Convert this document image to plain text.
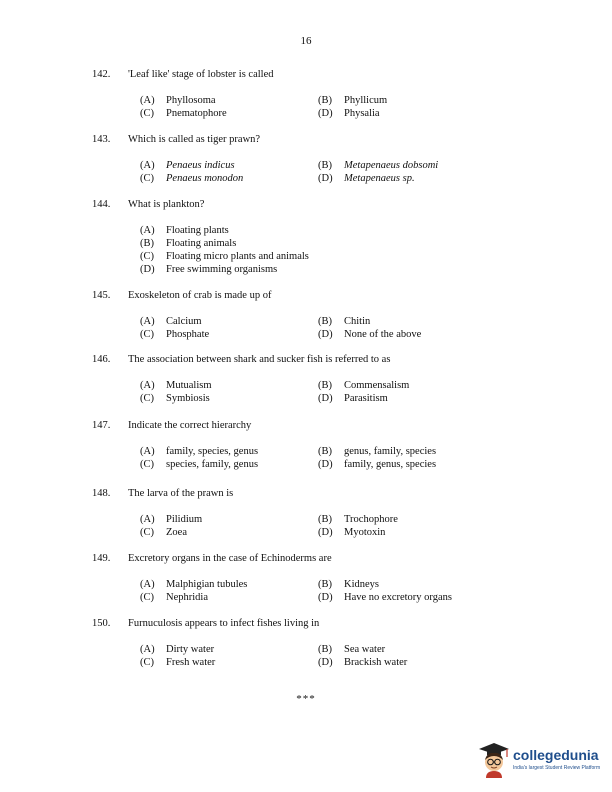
16
142. 'Leaf like' stage of lobster is called
(A) Phyllosoma	(B) Phyllicum
(C) Pnematophore	(D) Physalia
143. Which is called as tiger prawn?
(A) Penaeus indicus	(B) Metapenaeus dobsomi
(C) Penaeus monodon	(D) Metapenaeus sp.
144. What is plankton?
(A) Floating plants
(B) Floating animals
(C) Floating micro plants and animals
(D) Free swimming organisms
145. Exoskeleton of crab is made up of
(A) Calcium	(B) Chitin
(C) Phosphate	(D) None of the above
146. The association between shark and sucker fish is referred to as
(A) Mutualism	(B) Commensalism
(C) Symbiosis	(D) Parasitism
147. Indicate the correct hierarchy
(A) family, species, genus	(B) genus, family, species
(C) species, family, genus	(D) family, genus, species
148. The larva of the prawn is
(A) Pilidium	(B) Trochophore
(C) Zoea	(D) Myotoxin
149. Excretory organs in the case of Echinoderms are
(A) Malphigian tubules	(B) Kidneys
(C) Nephridia	(D) Have no excretory organs
150. Furnuculosis appears to infect fishes living in
(A) Dirty water	(B) Sea water
(C) Fresh water	(D) Brackish water
***
collegedunia
India's largest Student Review Platform
